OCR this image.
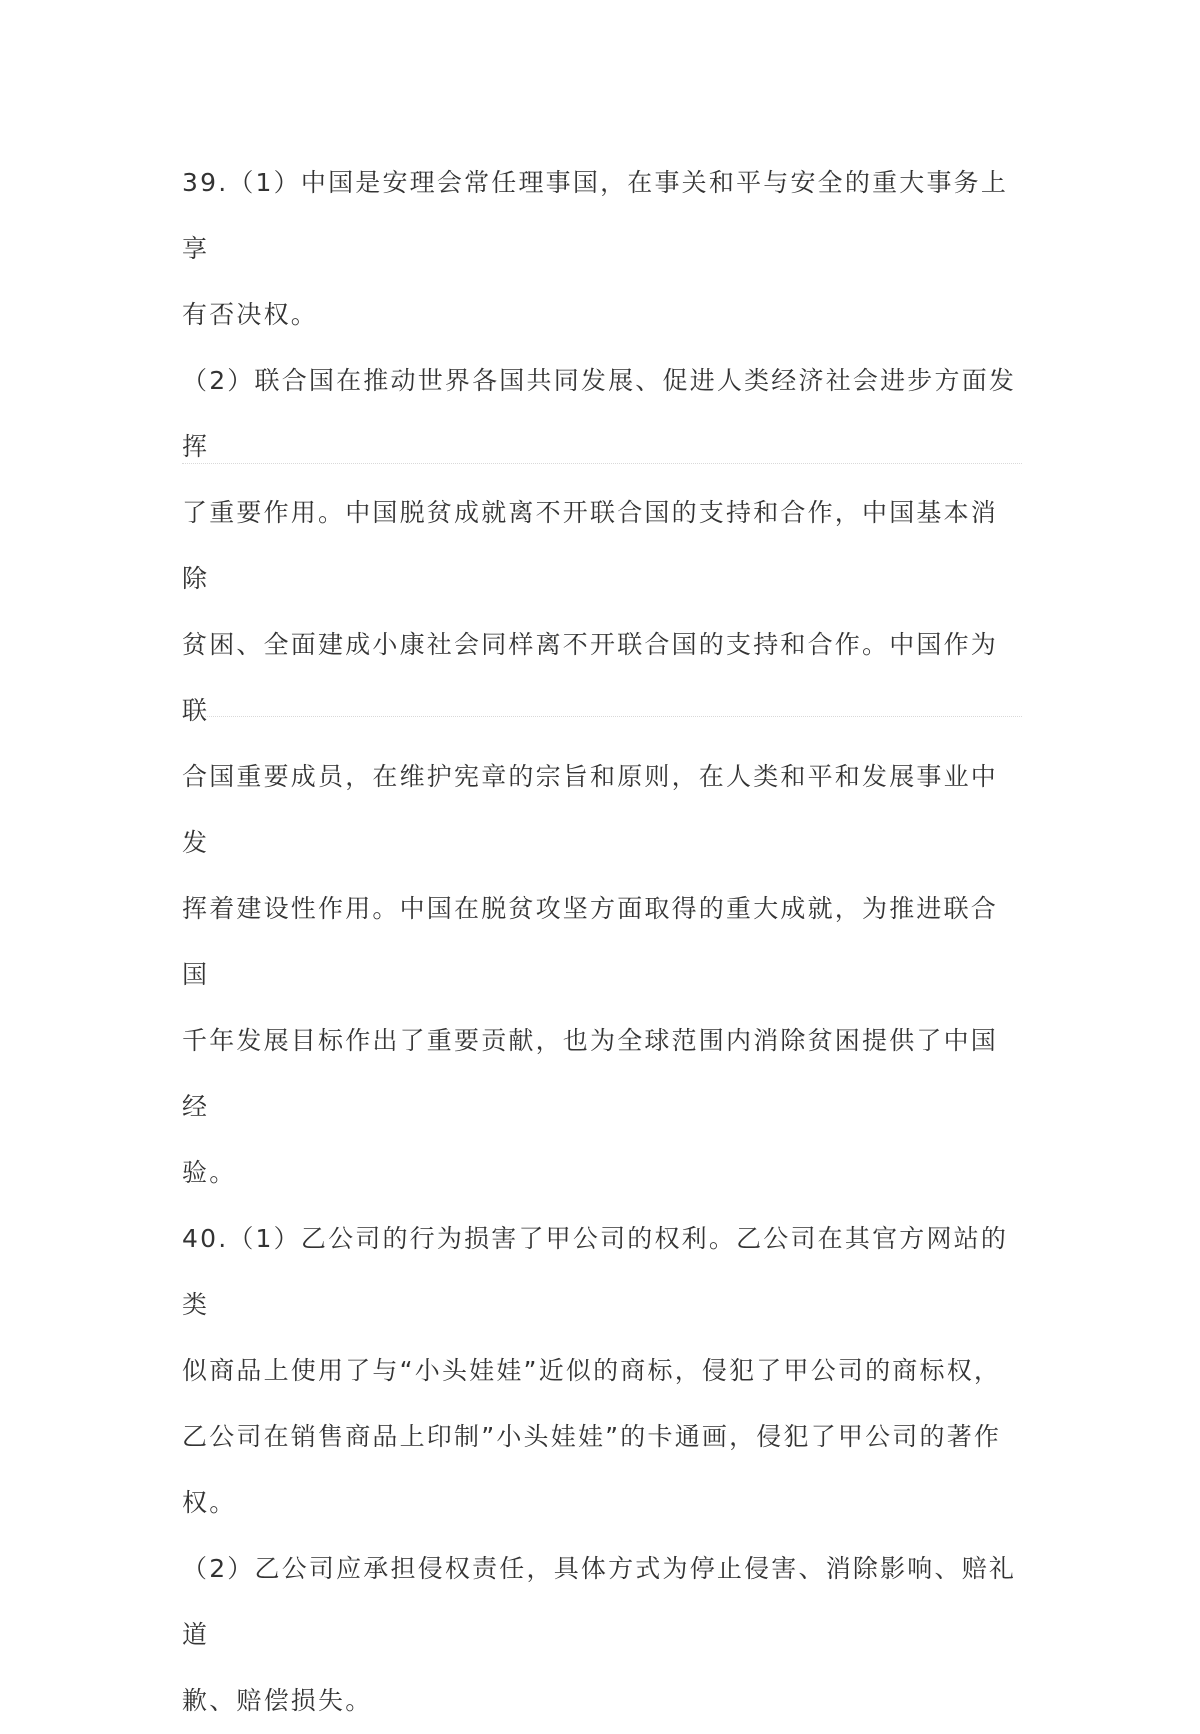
39.（1）中国是安理会常任理事国，在事关和平与安全的重大事务上享

有否决权。

（2）联合国在推动世界各国共同发展、促进人类经济社会进步方面发挥

了重要作用。中国脱贫成就离不开联合国的支持和合作，中国基本消除

贫困、全面建成小康社会同样离不开联合国的支持和合作。中国作为联

合国重要成员，在维护宪章的宗旨和原则，在人类和平和发展事业中发

挥着建设性作用。中国在脱贫攻坚方面取得的重大成就，为推进联合国

千年发展目标作出了重要贡献，也为全球范围内消除贫困提供了中国经

验。

40.（1）乙公司的行为损害了甲公司的权利。乙公司在其官方网站的类

似商品上使用了与“小头娃娃”近似的商标，侵犯了甲公司的商标权，

乙公司在销售商品上印制”小头娃娃”的卡通画，侵犯了甲公司的著作

权。

（2）乙公司应承担侵权责任，具体方式为停止侵害、消除影响、赔礼道

歉、赔偿损失。
